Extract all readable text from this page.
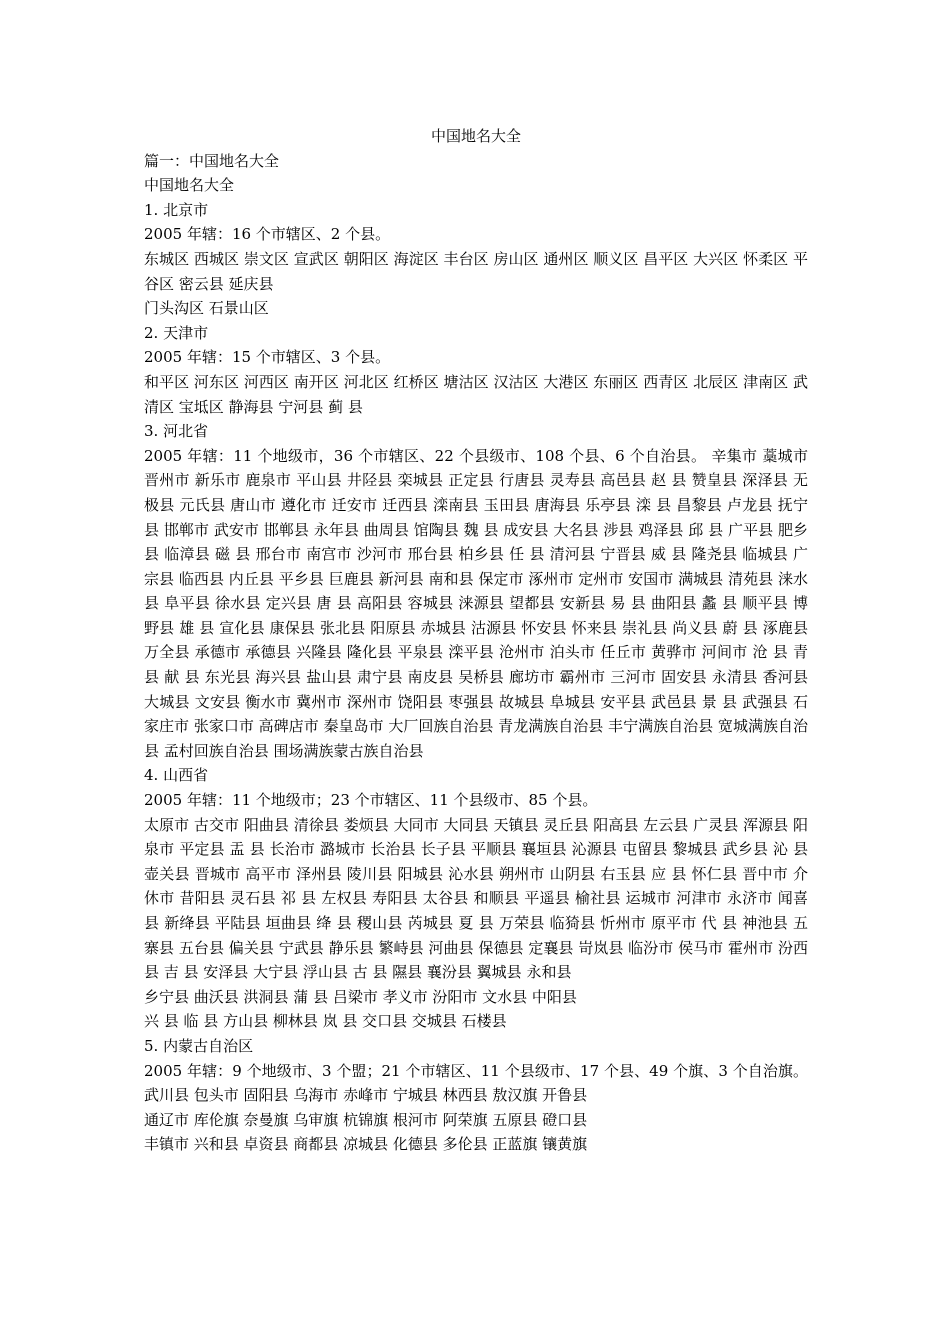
中国地名大全

篇一：中国地名大全

中国地名大全

1. 北京市

2005 年辖：16 个市辖区、2 个县。

东城区 西城区 崇文区 宣武区 朝阳区 海淀区 丰台区 房山区 通州区 顺义区 昌平区 大兴区 怀柔区 平谷区 密云县 延庆县

门头沟区 石景山区

2. 天津市

2005 年辖：15 个市辖区、3 个县。

和平区 河东区 河西区 南开区 河北区 红桥区 塘沽区 汉沽区 大港区 东丽区 西青区 北辰区 津南区 武清区 宝坻区 静海县 宁河县 蓟 县

3. 河北省

2005 年辖：11 个地级市，36 个市辖区、22 个县级市、108 个县、6 个自治县。 辛集市 藁城市 晋州市 新乐市 鹿泉市 平山县 井陉县 栾城县 正定县 行唐县 灵寿县 高邑县 赵 县 赞皇县 深泽县 无极县 元氏县 唐山市 遵化市 迁安市 迁西县 滦南县 玉田县 唐海县 乐亭县 滦 县 昌黎县 卢龙县 抚宁县 邯郸市 武安市 邯郸县 永年县 曲周县 馆陶县 魏 县 成安县 大名县 涉县 鸡泽县 邱 县 广平县 肥乡县 临漳县 磁 县 邢台市 南宫市 沙河市 邢台县 柏乡县 任 县 清河县 宁晋县 威 县 隆尧县 临城县 广宗县 临西县 内丘县 平乡县 巨鹿县 新河县 南和县 保定市 涿州市 定州市 安国市 满城县 清苑县 涞水县 阜平县 徐水县 定兴县 唐 县 高阳县 容城县 涞源县 望都县 安新县 易 县 曲阳县 蠡 县 顺平县 博野县 雄 县 宣化县 康保县 张北县 阳原县 赤城县 沽源县 怀安县 怀来县 崇礼县 尚义县 蔚 县 涿鹿县 万全县 承德市 承德县 兴隆县 隆化县 平泉县 滦平县 沧州市 泊头市 任丘市 黄骅市 河间市 沧 县 青 县 献 县 东光县 海兴县 盐山县 肃宁县 南皮县 吴桥县 廊坊市 霸州市 三河市 固安县 永清县 香河县 大城县 文安县 衡水市 冀州市 深州市 饶阳县 枣强县 故城县 阜城县 安平县 武邑县 景 县 武强县 石家庄市 张家口市 高碑店市 秦皇岛市 大厂回族自治县 青龙满族自治县 丰宁满族自治县 宽城满族自治县 孟村回族自治县 围场满族蒙古族自治县

4. 山西省

2005 年辖：11 个地级市；23 个市辖区、11 个县级市、85 个县。

太原市 古交市 阳曲县 清徐县 娄烦县 大同市 大同县 天镇县 灵丘县 阳高县 左云县 广灵县 浑源县 阳泉市 平定县 盂 县 长治市 潞城市 长治县 长子县 平顺县 襄垣县 沁源县 屯留县 黎城县 武乡县 沁 县 壶关县 晋城市 高平市 泽州县 陵川县 阳城县 沁水县 朔州市 山阴县 右玉县 应 县 怀仁县 晋中市 介休市 昔阳县 灵石县 祁 县 左权县 寿阳县 太谷县 和顺县 平遥县 榆社县 运城市 河津市 永济市 闻喜县 新绛县 平陆县 垣曲县 绛 县 稷山县 芮城县 夏 县 万荣县 临猗县 忻州市 原平市 代 县 神池县 五寨县 五台县 偏关县 宁武县 静乐县 繁峙县 河曲县 保德县 定襄县 岢岚县 临汾市 侯马市 霍州市 汾西县 吉 县 安泽县 大宁县 浮山县 古 县 隰县 襄汾县 翼城县 永和县

乡宁县 曲沃县 洪洞县 蒲 县 吕梁市 孝义市 汾阳市 文水县 中阳县

兴 县 临 县 方山县 柳林县 岚 县 交口县 交城县 石楼县

5. 内蒙古自治区

2005 年辖：9 个地级市、3 个盟；21 个市辖区、11 个县级市、17 个县、49 个旗、3 个自治旗。 武川县 包头市 固阳县 乌海市 赤峰市 宁城县 林西县 敖汉旗 开鲁县

通辽市 库伦旗 奈曼旗 乌审旗 杭锦旗 根河市 阿荣旗 五原县 磴口县

丰镇市 兴和县 卓资县 商都县 凉城县 化德县 多伦县 正蓝旗 镶黄旗
